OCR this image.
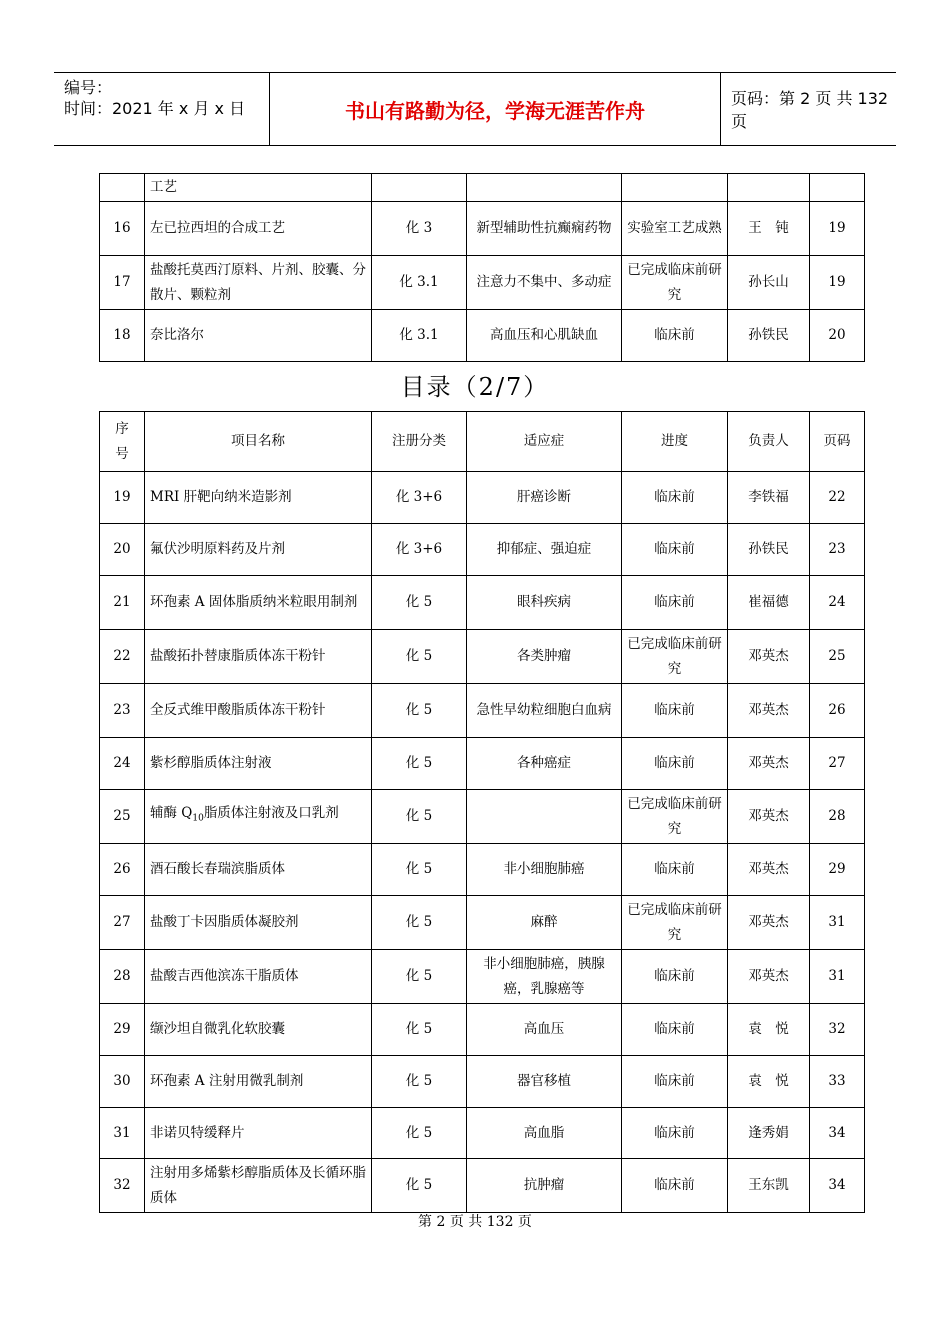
编号：
时间：2021 年 x 月 x 日	书山有路勤为径，学海无涯苦作舟	页码：第 2 页 共 132 页
	工艺					
16	左已拉西坦的合成工艺	化 3	新型辅助性抗癫痫药物	实验室工艺成熟	王　钝	19
17	盐酸托莫西汀原料、片剂、胶囊、分散片、颗粒剂	化 3.1	注意力不集中、多动症	已完成临床前研究	孙长山	19
18	奈比洛尔	化 3.1	高血压和心肌缺血	临床前	孙铁民	20
目录（2/7）
序号	项目名称	注册分类	适应症	进度	负责人	页码
19	MRI 肝靶向纳米造影剂	化 3+6	肝癌诊断	临床前	李铁福	22
20	氟伏沙明原料药及片剂	化 3+6	抑郁症、强迫症	临床前	孙铁民	23
21	环孢素 A 固体脂质纳米粒眼用制剂	化 5	眼科疾病	临床前	崔福德	24
22	盐酸拓扑替康脂质体冻干粉针	化 5	各类肿瘤	已完成临床前研究	邓英杰	25
23	全反式维甲酸脂质体冻干粉针	化 5	急性早幼粒细胞白血病	临床前	邓英杰	26
24	紫杉醇脂质体注射液	化 5	各种癌症	临床前	邓英杰	27
25	辅酶 $Q_{10}$脂质体注射液及口乳剂	化 5		已完成临床前研究	邓英杰	28
26	酒石酸长春瑞滨脂质体	化 5	非小细胞肺癌	临床前	邓英杰	29
27	盐酸丁卡因脂质体凝胶剂	化 5	麻醉	已完成临床前研究	邓英杰	31
28	盐酸吉西他滨冻干脂质体	化 5	非小细胞肺癌，胰腺癌，乳腺癌等	临床前	邓英杰	31
29	缬沙坦自微乳化软胶囊	化 5	高血压	临床前	袁　悦	32
30	环孢素 A 注射用微乳制剂	化 5	器官移植	临床前	袁　悦	33
31	非诺贝特缓释片	化 5	高血脂	临床前	逢秀娟	34
32	注射用多烯紫杉醇脂质体及长循环脂质体	化 5	抗肿瘤	临床前	王东凯	34
第 2 页 共 132 页
